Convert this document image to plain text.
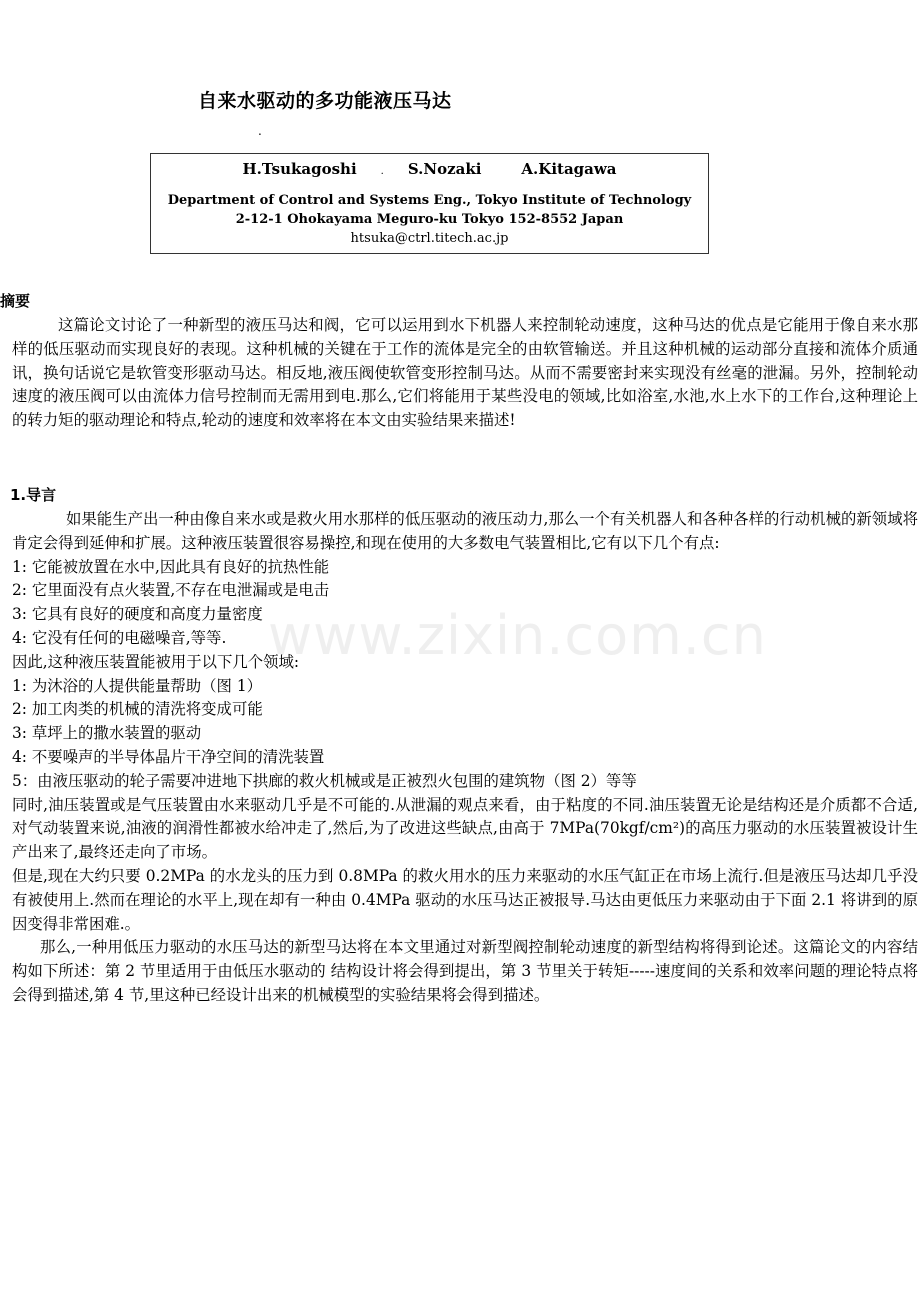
自来水驱动的多功能液压马达
.
H.Tsukagoshi . S.Nozaki	A.Kitagawa
Department of Control and Systems Eng., Tokyo Institute of Technology
2-12-1 Ohokayama Meguro-ku Tokyo 152-8552 Japan
htsuka@ctrl.titech.ac.jp
摘要

这篇论文讨论了一种新型的液压马达和阀，它可以运用到水下机器人来控制轮动速度，这种马达的优点是它能用于像自来水那样的低压驱动而实现良好的表现。这种机械的关键在于工作的流体是完全的由软管输送。并且这种机械的运动部分直接和流体介质通讯，换句话说它是软管变形驱动马达。相反地,液压阀使软管变形控制马达。从而不需要密封来实现没有丝毫的泄漏。另外，控制轮动速度的液压阀可以由流体力信号控制而无需用到电.那么,它们将能用于某些没电的领域,比如浴室,水池,水上水下的工作台,这种理论上的转力矩的驱动理论和特点,轮动的速度和效率将在本文由实验结果来描述!

1.导言

如果能生产出一种由像自来水或是救火用水那样的低压驱动的液压动力,那么一个有关机器人和各种各样的行动机械的新领域将肯定会得到延伸和扩展。这种液压装置很容易操控,和现在使用的大多数电气装置相比,它有以下几个有点:

1: 它能被放置在水中,因此具有良好的抗热性能

2: 它里面没有点火装置,不存在电泄漏或是电击

3: 它具有良好的硬度和高度力量密度

4: 它没有任何的电磁噪音,等等.

因此,这种液压装置能被用于以下几个领域:

1: 为沐浴的人提供能量帮助（图 1）

2: 加工肉类的机械的清洗将变成可能

3: 草坪上的撒水装置的驱动

4: 不要噪声的半导体晶片干净空间的清洗装置

5：由液压驱动的轮子需要冲进地下拱廊的救火机械或是正被烈火包围的建筑物（图 2）等等

同时,油压装置或是气压装置由水来驱动几乎是不可能的.从泄漏的观点来看，由于粘度的不同.油压装置无论是结构还是介质都不合适,对气动装置来说,油液的润滑性都被水给冲走了,然后,为了改进这些缺点,由高于 7MPa(70kgf/cm²)的高压力驱动的水压装置被设计生产出来了,最终还走向了市场。

但是,现在大约只要 0.2MPa 的水龙头的压力到 0.8MPa 的救火用水的压力来驱动的水压气缸正在市场上流行.但是液压马达却几乎没有被使用上.然而在理论的水平上,现在却有一种由 0.4MPa 驱动的水压马达正被报导.马达由更低压力来驱动由于下面 2.1 将讲到的原因变得非常困难.。

那么,一种用低压力驱动的水压马达的新型马达将在本文里通过对新型阀控制轮动速度的新型结构将得到论述。这篇论文的内容结构如下所述：第 2 节里适用于由低压水驱动的 结构设计将会得到提出，第 3 节里关于转矩-----速度间的关系和效率问题的理论特点将会得到描述,第 4 节,里这种已经设计出来的机械模型的实验结果将会得到描述。

www.zixin.com.cn
